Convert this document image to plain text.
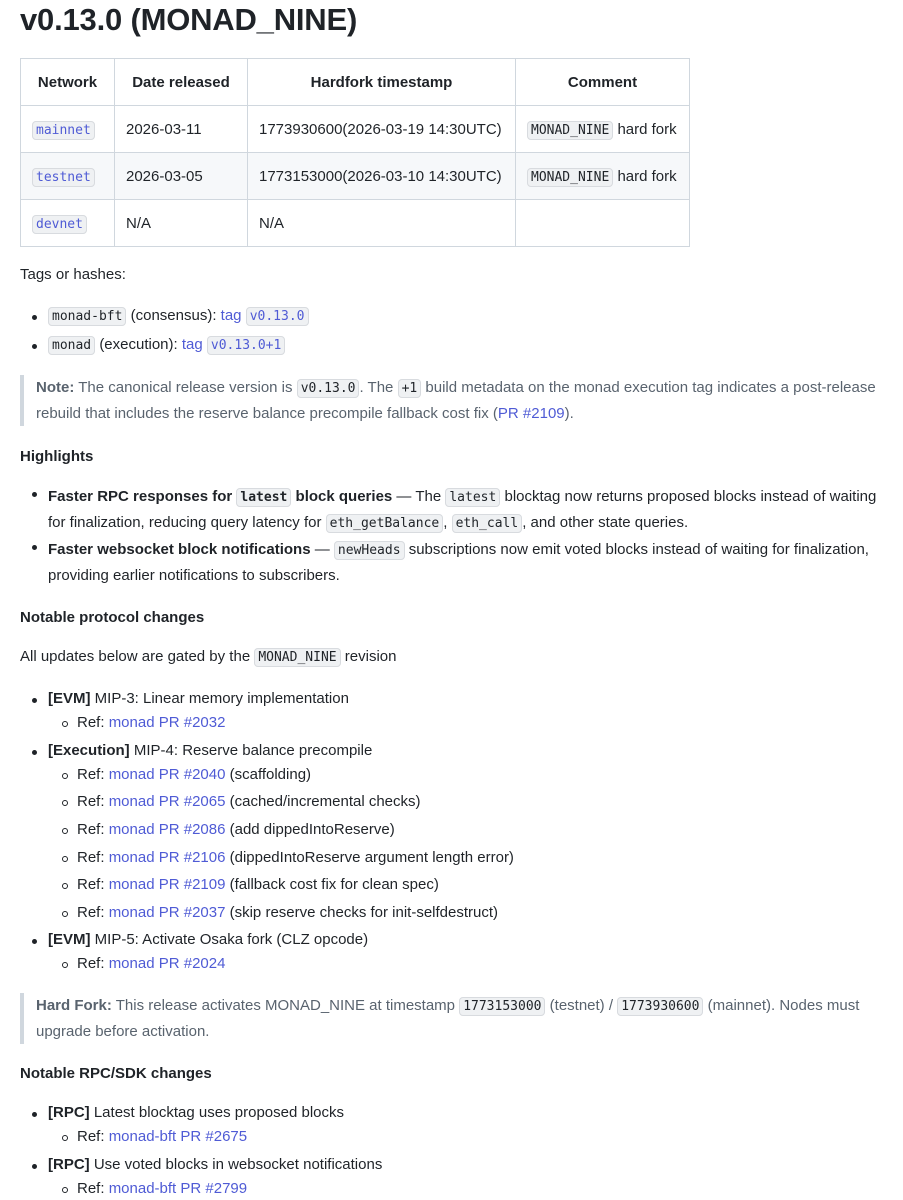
v0.13.0 (MONAD_NINE)
Network	Date released	Hardfork timestamp	Comment
mainnet	2026-03-11	1773930600(2026-03-19 14:30UTC)	MONAD_NINE hard fork
testnet	2026-03-05	1773153000(2026-03-10 14:30UTC)	MONAD_NINE hard fork
devnet	N/A	N/A	
Tags or hashes:
monad-bft (consensus): tag v0.13.0
monad (execution): tag v0.13.0+1
Note: The canonical release version is v0.13.0 . The +1 build metadata on the monad execution tag indicates a post-release rebuild that includes the reserve balance precompile fallback cost fix (PR #2109).
Highlights
Faster RPC responses for latest block queries — The latest blocktag now returns proposed blocks instead of waiting for finalization, reducing query latency for eth_getBalance , eth_call , and other state queries.
Faster websocket block notifications — newHeads subscriptions now emit voted blocks instead of waiting for finalization, providing earlier notifications to subscribers.
Notable protocol changes
All updates below are gated by the MONAD_NINE revision
[EVM] MIP-3: Linear memory implementation
Ref: monad PR #2032
[Execution] MIP-4: Reserve balance precompile
Ref: monad PR #2040 (scaffolding)
Ref: monad PR #2065 (cached/incremental checks)
Ref: monad PR #2086 (add dippedIntoReserve)
Ref: monad PR #2106 (dippedIntoReserve argument length error)
Ref: monad PR #2109 (fallback cost fix for clean spec)
Ref: monad PR #2037 (skip reserve checks for init-selfdestruct)
[EVM] MIP-5: Activate Osaka fork (CLZ opcode)
Ref: monad PR #2024
Hard Fork: This release activates MONAD_NINE at timestamp 1773153000 (testnet) / 1773930600 (mainnet). Nodes must upgrade before activation.
Notable RPC/SDK changes
[RPC] Latest blocktag uses proposed blocks
Ref: monad-bft PR #2675
[RPC] Use voted blocks in websocket notifications
Ref: monad-bft PR #2799
